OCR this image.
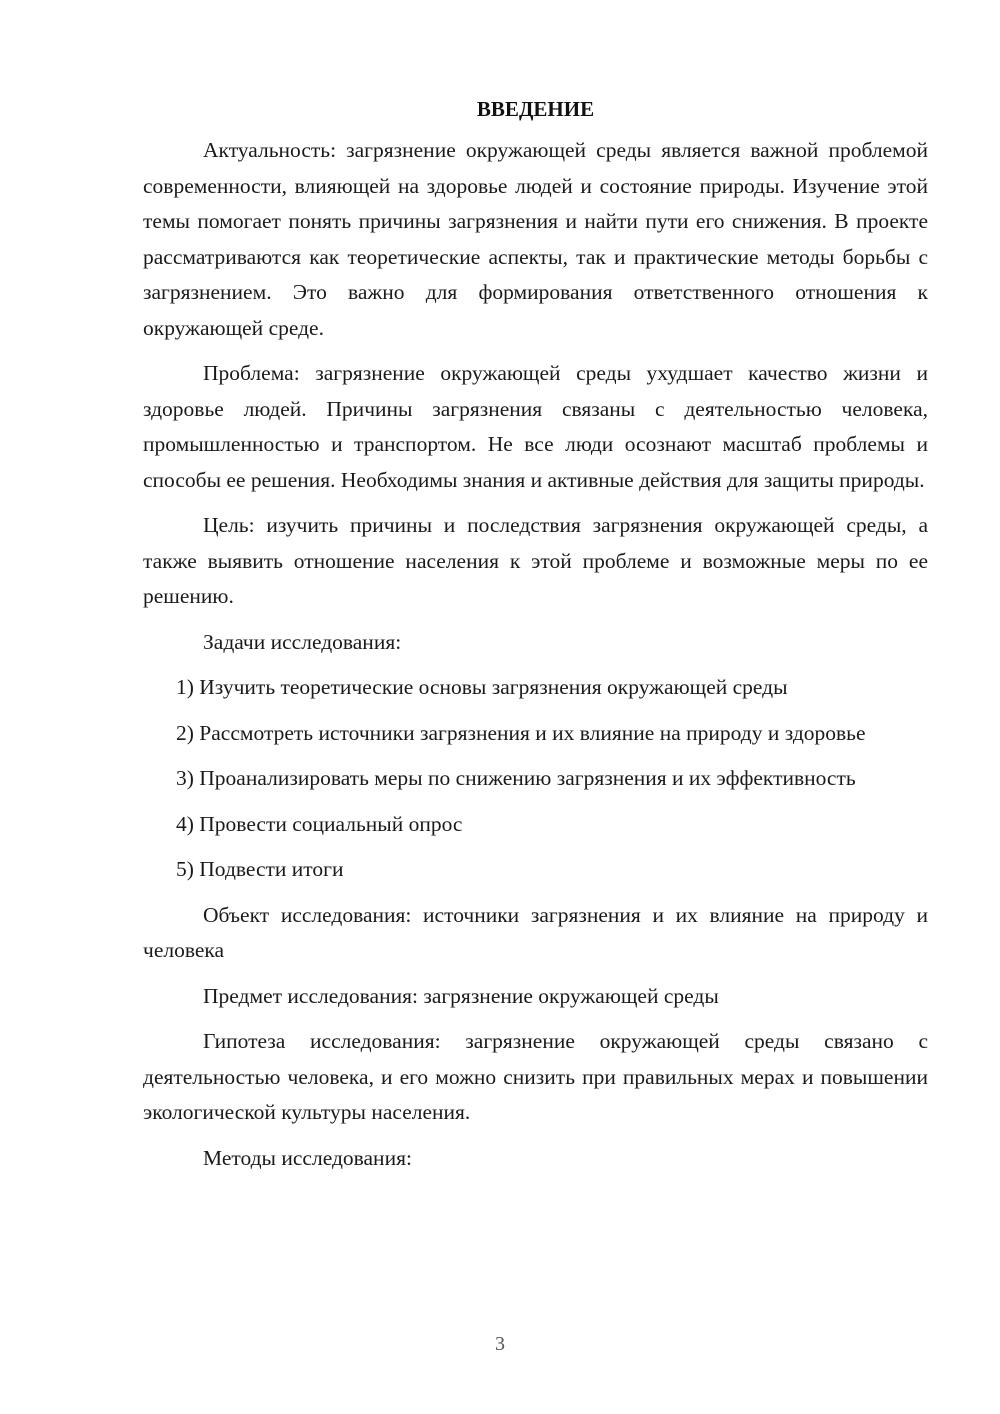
ВВЕДЕНИЕ

Актуальность: загрязнение окружающей среды является важной проблемой современности, влияющей на здоровье людей и состояние природы. Изучение этой темы помогает понять причины загрязнения и найти пути его снижения. В проекте рассматриваются как теоретические аспекты, так и практические методы борьбы с загрязнением. Это важно для формирования ответственного отношения к окружающей среде.

Проблема: загрязнение окружающей среды ухудшает качество жизни и здоровье людей. Причины загрязнения связаны с деятельностью человека, промышленностью и транспортом. Не все люди осознают масштаб проблемы и способы ее решения. Необходимы знания и активные действия для защиты природы.

Цель: изучить причины и последствия загрязнения окружающей среды, а также выявить отношение населения к этой проблеме и возможные меры по ее решению.

Задачи исследования:

1) Изучить теоретические основы загрязнения окружающей среды

2) Рассмотреть источники загрязнения и их влияние на природу и здоровье

3) Проанализировать меры по снижению загрязнения и их эффективность

4) Провести социальный опрос

5) Подвести итоги

Объект исследования: источники загрязнения и их влияние на природу и человека

Предмет исследования: загрязнение окружающей среды

Гипотеза исследования: загрязнение окружающей среды связано с деятельностью человека, и его можно снизить при правильных мерах и повышении экологической культуры населения.

Методы исследования:

3
